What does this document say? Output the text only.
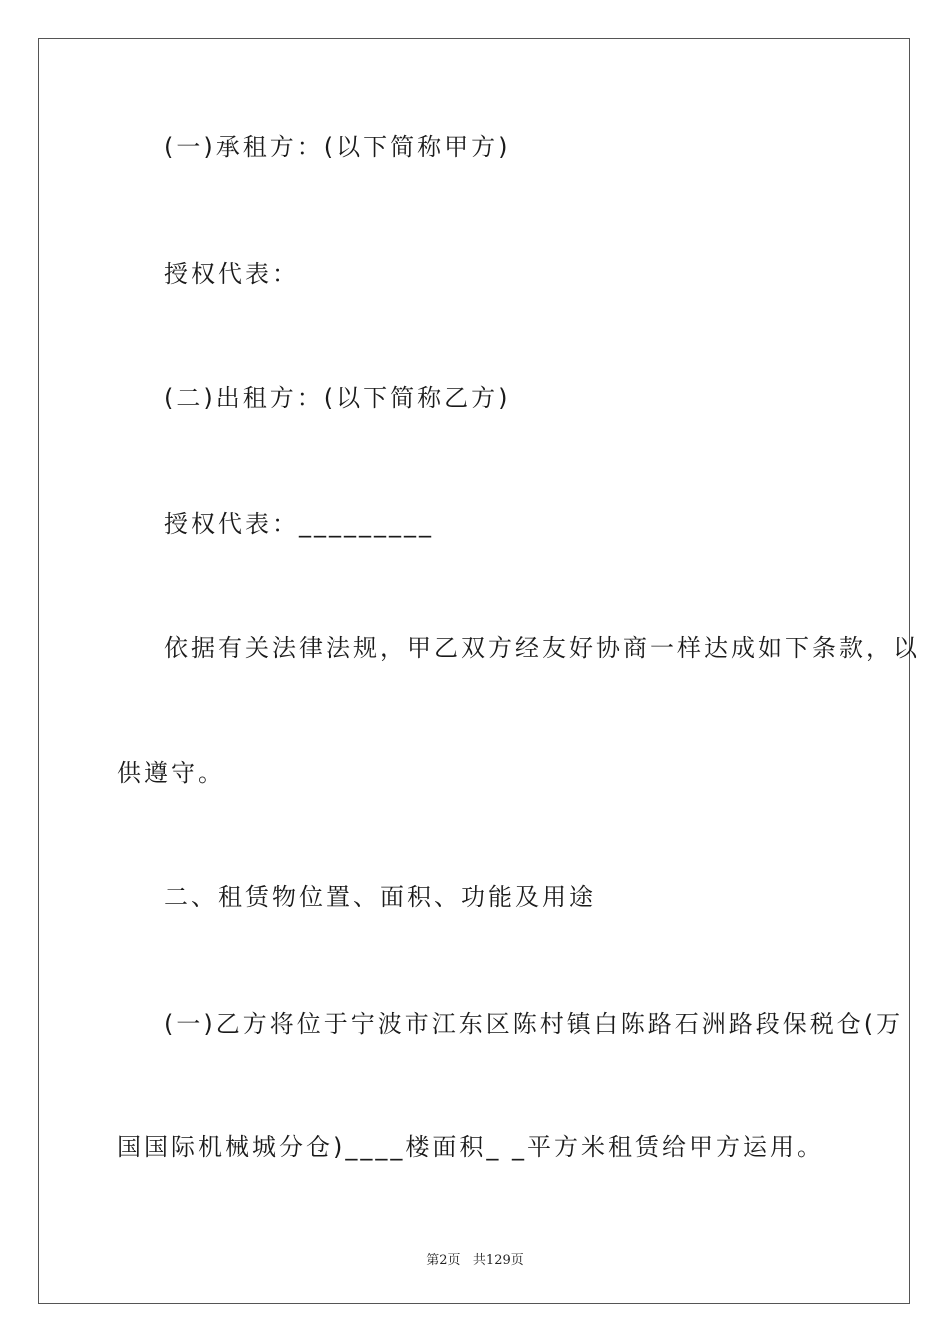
(一)承租方：(以下简称甲方)
授权代表：
(二)出租方：(以下简称乙方)
授权代表：_________
依据有关法律法规，甲乙双方经友好协商一样达成如下条款，以
供遵守。
二、租赁物位置、面积、功能及用途
(一)乙方将位于宁波市江东区陈村镇白陈路石洲路段保税仓(万
国国际机械城分仓)____楼面积_ _平方米租赁给甲方运用。
第2页   共129页
